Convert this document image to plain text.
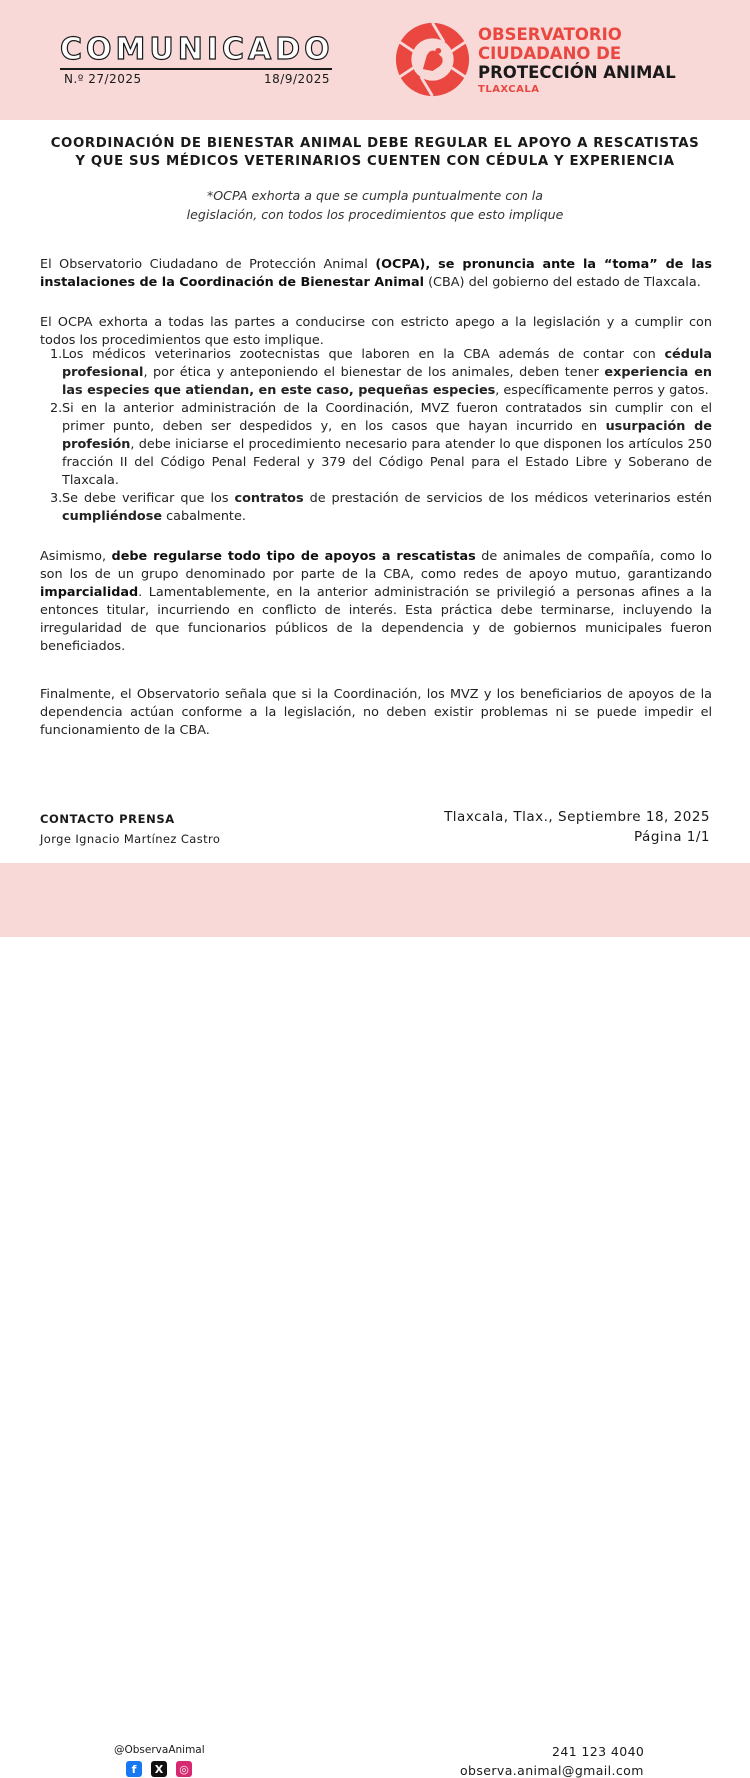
COMUNICADO
N.º 27/2025	18/9/2025
OBSERVATORIO
CIUDADANO DE
PROTECCIÓN ANIMAL
TLAXCALA
COORDINACIÓN DE BIENESTAR ANIMAL DEBE REGULAR EL APOYO A RESCATISTAS
Y QUE SUS MÉDICOS VETERINARIOS CUENTEN CON CÉDULA Y EXPERIENCIA
*OCPA exhorta a que se cumpla puntualmente con la
legislación, con todos los procedimientos que esto implique
El Observatorio Ciudadano de Protección Animal (OCPA), se pronuncia ante la “toma” de las instalaciones de la Coordinación de Bienestar Animal (CBA) del gobierno del estado de Tlaxcala.
El OCPA exhorta a todas las partes a conducirse con estricto apego a la legislación y a cumplir con todos los procedimientos que esto implique.
1. Los médicos veterinarios zootecnistas que laboren en la CBA además de contar con cédula profesional, por ética y anteponiendo el bienestar de los animales, deben tener experiencia en las especies que atiendan, en este caso, pequeñas especies, específicamente perros y gatos.
2. Si en la anterior administración de la Coordinación, MVZ fueron contratados sin cumplir con el primer punto, deben ser despedidos y, en los casos que hayan incurrido en usurpación de profesión, debe iniciarse el procedimiento necesario para atender lo que disponen los artículos 250 fracción II del Código Penal Federal y 379 del Código Penal para el Estado Libre y Soberano de Tlaxcala.
3. Se debe verificar que los contratos de prestación de servicios de los médicos veterinarios estén cumpliéndose cabalmente.
Asimismo, debe regularse todo tipo de apoyos a rescatistas de animales de compañía, como lo son los de un grupo denominado por parte de la CBA, como redes de apoyo mutuo, garantizando imparcialidad. Lamentablemente, en la anterior administración se privilegió a personas afines a la entonces titular, incurriendo en conflicto de interés. Esta práctica debe terminarse, incluyendo la irregularidad de que funcionarios públicos de la dependencia y de gobiernos municipales fueron beneficiados.
Finalmente, el Observatorio señala que si la Coordinación, los MVZ y los beneficiarios de apoyos de la dependencia actúan conforme a la legislación, no deben existir problemas ni se puede impedir el funcionamiento de la CBA.
CONTACTO PRENSA
Jorge Ignacio Martínez Castro
Tlaxcala, Tlax., Septiembre 18, 2025
Página 1/1
@ObservaAnimal
f	X	◎
241 123 4040
observa.animal@gmail.com
